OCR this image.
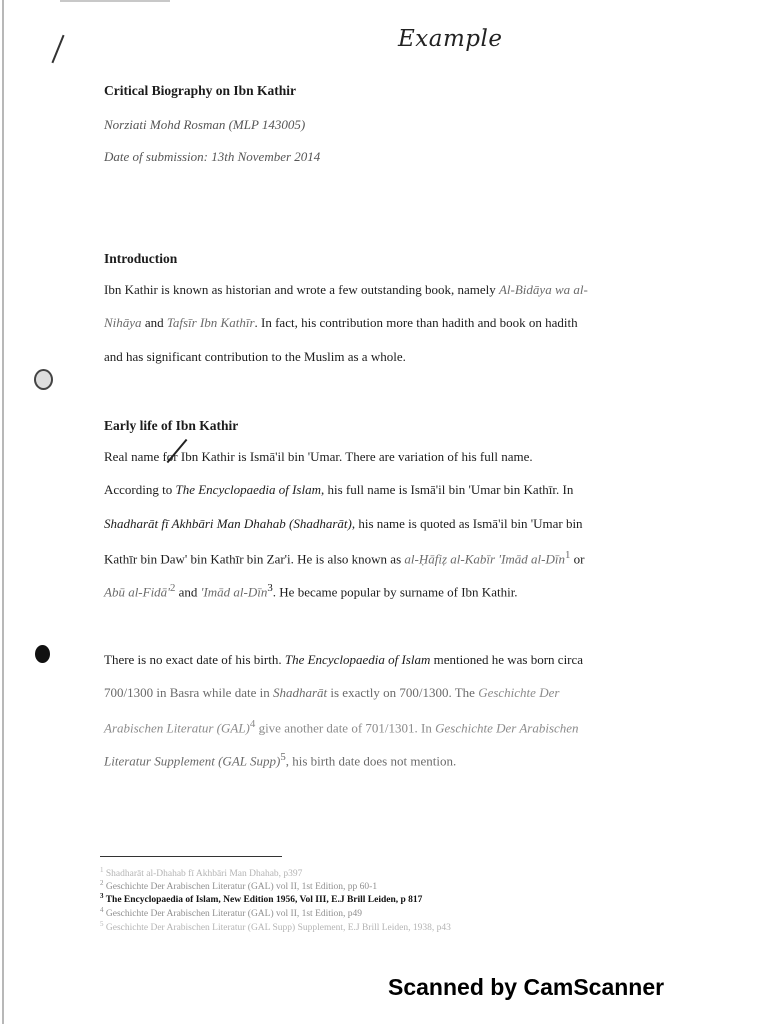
Example
Critical Biography on Ibn Kathir
Norziati Mohd Rosman (MLP 143005)
Date of submission: 13th November 2014
Introduction
Ibn Kathir is known as historian and wrote a few outstanding book, namely Al-Bidāya wa al-
Nihāya and Tafsīr Ibn Kathīr. In fact, his contribution more than hadith and book on hadith
and has significant contribution to the Muslim as a whole.
Early life of Ibn Kathir
Real name for Ibn Kathir is Ismā'il bin 'Umar. There are variation of his full name.
According to The Encyclopaedia of Islam, his full name is Ismā'il bin 'Umar bin Kathīr. In
Shadharāt fī Akhbāri Man Dhahab (Shadharāt), his name is quoted as Ismā'il bin 'Umar bin
Kathīr bin Daw' bin Kathīr bin Zar'i. He is also known as al-Ḥāfiẓ al-Kabīr 'Imād al-Dīn$^1$ or
Abū $al-Fidā'^2$ and 'Imād al-Dīn$^3$. He became popular by surname of Ibn Kathir.
There is no exact date of his birth. The Encyclopaedia of Islam mentioned he was born circa
700/1300 in Basra while date in Shadharāt is exactly on 700/1300. The Geschichte Der
Arabischen Literatur (GAL)$^4$ give another date of 701/1301. In Geschichte Der Arabischen
Literatur Supplement (GAL Supp)$^5$, his birth date does not mention.
$^1$ Shadharāt al-Dhahab fī Akhbāri Man Dhahab, p397
$^2$ Geschichte Der Arabischen Literatur (GAL) vol II, 1st Edition, pp 60-1
$^3$ The Encyclopaedia of Islam, New Edition 1956, Vol III, E.J Brill Leiden, p 817
$^4$ Geschichte Der Arabischen Literatur (GAL) vol II, 1st Edition, p49
$^5$ Geschichte Der Arabischen Literatur (GAL Supp) Supplement, E.J Brill Leiden, 1938, p43
Scanned by CamScanner
